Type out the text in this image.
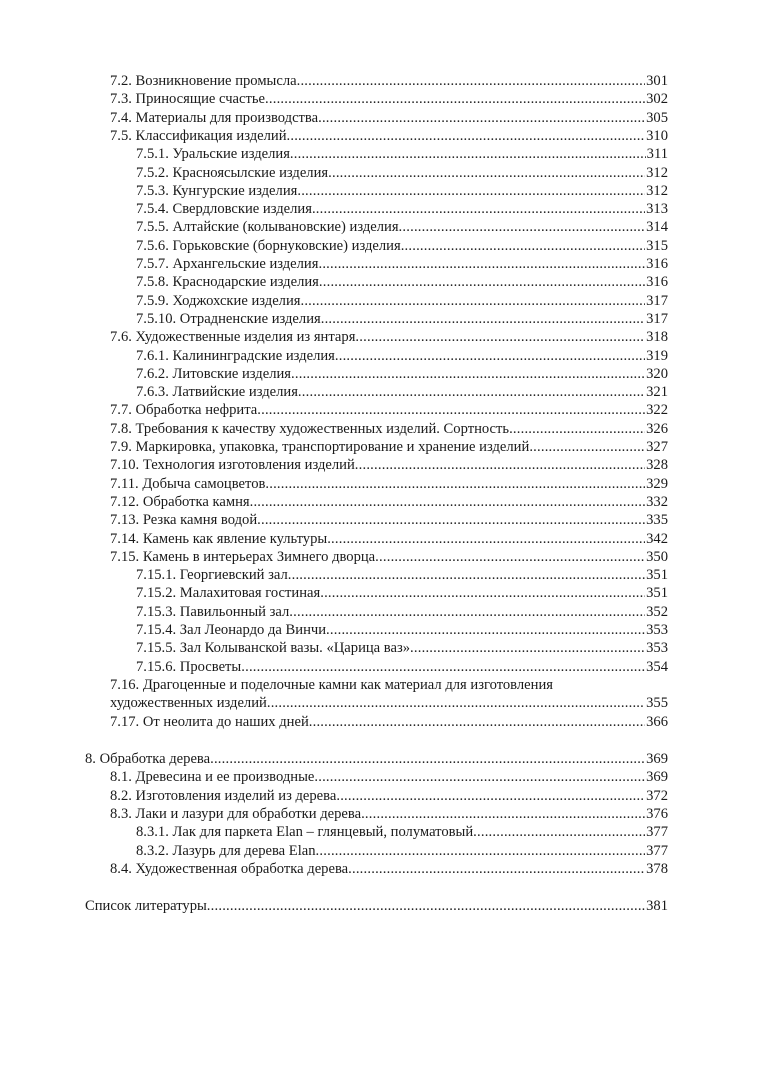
7.2. Возникновение промысла .....	301
7.3. Приносящие счастье .....	302
7.4. Материалы для производства .....	305
7.5. Классификация изделий .....	310
7.5.1. Уральские изделия .....	311
7.5.2. Красноясылские изделия .....	312
7.5.3. Кунгурские изделия .....	312
7.5.4. Свердловские изделия .....	313
7.5.5. Алтайские (колывановские) изделия .....	314
7.5.6. Горьковские (борнуковские) изделия .....	315
7.5.7. Архангельские изделия .....	316
7.5.8. Краснодарские изделия .....	316
7.5.9. Ходжохские изделия .....	317
7.5.10. Отрадненские изделия .....	317
7.6. Художественные изделия из янтаря .....	318
7.6.1. Калининградские изделия .....	319
7.6.2. Литовские изделия .....	320
7.6.3. Латвийские изделия .....	321
7.7. Обработка нефрита .....	322
7.8. Требования к качеству художественных изделий. Сортность .....	326
7.9. Маркировка, упаковка, транспортирование и хранение изделий .....	327
7.10. Технология изготовления изделий .....	328
7.11. Добыча самоцветов .....	329
7.12. Обработка камня .....	332
7.13. Резка камня водой .....	335
7.14. Камень как явление культуры .....	342
7.15. Камень в интерьерах Зимнего дворца .....	350
7.15.1. Георгиевский зал .....	351
7.15.2. Малахитовая гостиная .....	351
7.15.3. Павильонный зал .....	352
7.15.4. Зал Леонардо да Винчи .....	353
7.15.5. Зал Колыванской вазы. «Царица ваз» .....	353
7.15.6. Просветы .....	354
7.16. Драгоценные и поделочные камни как материал для изготовления
художественных изделий .....	355
7.17. От неолита до наших дней .....	366
8. Обработка дерева .....	369
8.1. Древесина и ее производные .....	369
8.2. Изготовления изделий из дерева .....	372
8.3. Лаки и лазури для обработки дерева .....	376
8.3.1. Лак для паркета Elan – глянцевый, полуматовый .....	377
8.3.2. Лазурь для дерева Elan .....	377
8.4. Художественная обработка дерева .....	378
Список литературы .....	381
